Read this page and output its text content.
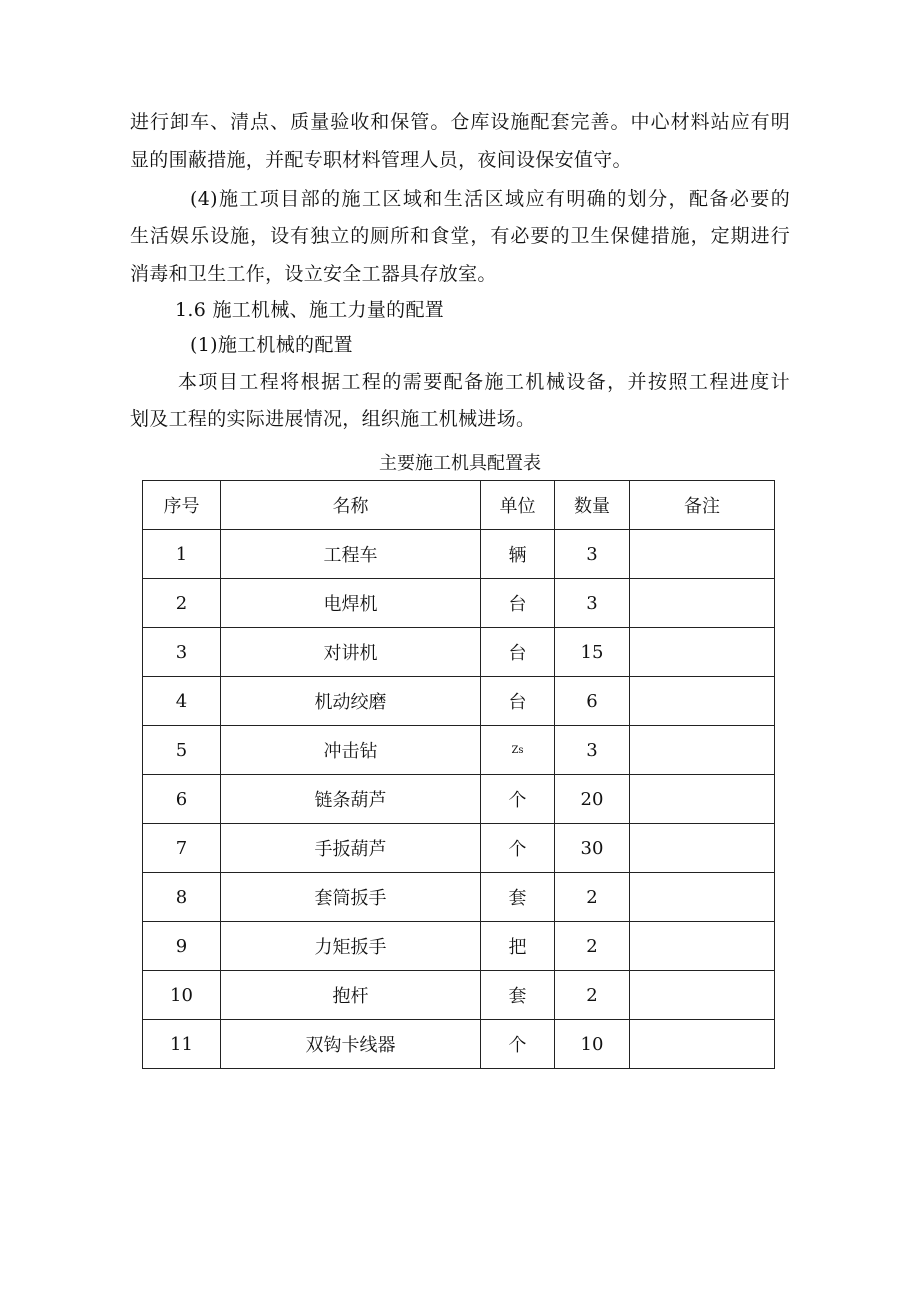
进行卸车、清点、质量验收和保管。仓库设施配套完善。中心材料站应有明
显的围蔽措施，并配专职材料管理人员，夜间设保安值守。
(4)施工项目部的施工区域和生活区域应有明确的划分，配备必要的
生活娱乐设施，设有独立的厕所和食堂，有必要的卫生保健措施，定期进行
消毒和卫生工作，设立安全工器具存放室。
1.6 施工机械、施工力量的配置
(1)施工机械的配置
本项目工程将根据工程的需要配备施工机械设备，并按照工程进度计
划及工程的实际进展情况，组织施工机械进场。
主要施工机具配置表
序号	名称	单位	数量	备注
1	工程车	辆	3	
2	电焊机	台	3	
3	对讲机	台	15	
4	机动绞磨	台	6	
5	冲击钻	Zs	3	
6	链条葫芦	个	20	
7	手扳葫芦	个	30	
8	套筒扳手	套	2	
9	力矩扳手	把	2	
10	抱杆	套	2	
11	双钩卡线器	个	10	
